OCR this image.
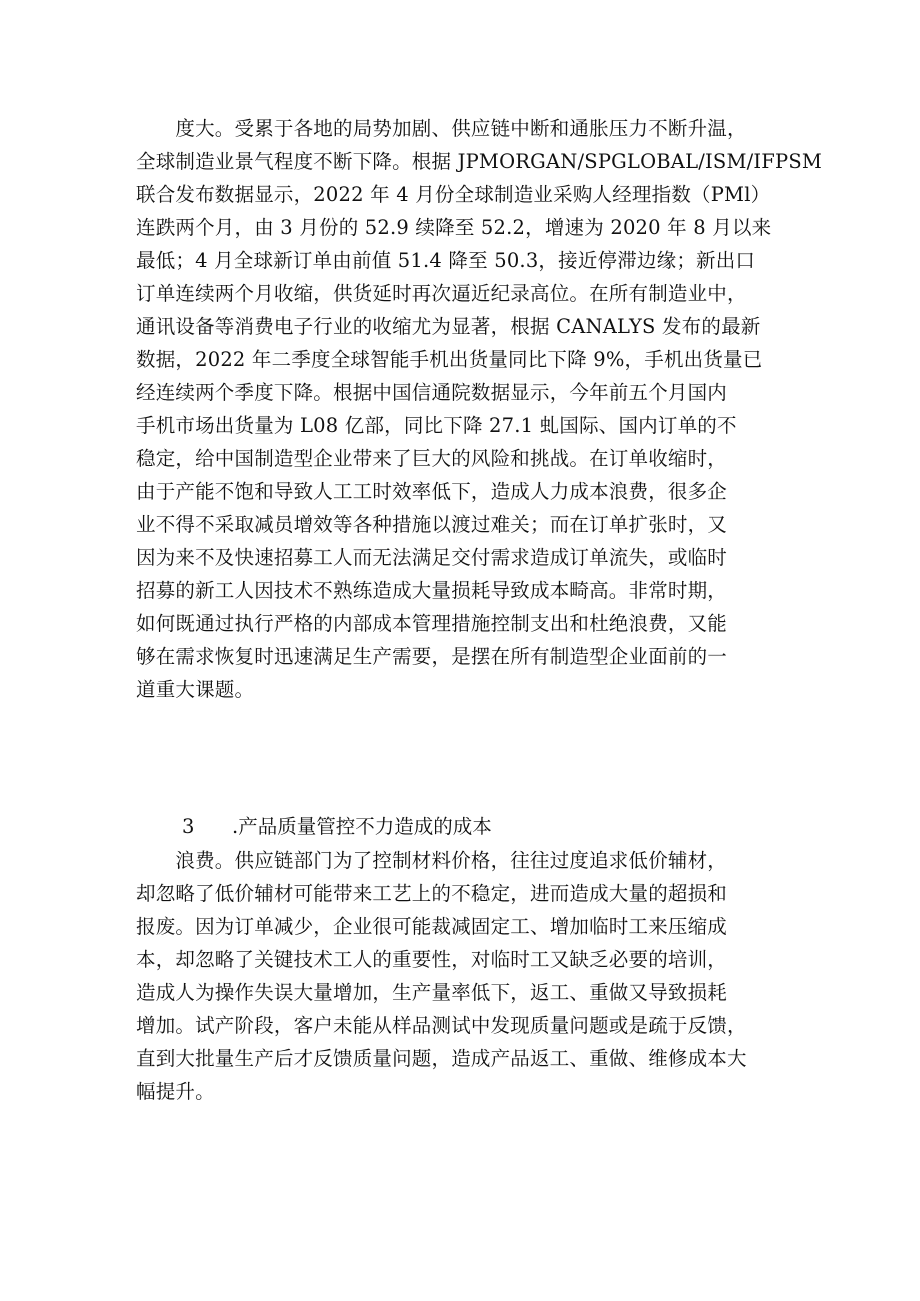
　　度大。受累于各地的局势加剧、供应链中断和通胀压力不断升温，
全球制造业景气程度不断下降。根据 JPMORGAN/SPGLOBAL/ISM/IFPSM
联合发布数据显示，2022 年 4 月份全球制造业采购人经理指数（PMl）
连跌两个月，由 3 月份的 52.9 续降至 52.2，增速为 2020 年 8 月以来
最低；4 月全球新订单由前值 51.4 降至 50.3，接近停滞边缘；新出口
订单连续两个月收缩，供货延时再次逼近纪录高位。在所有制造业中，
通讯设备等消费电子行业的收缩尤为显著，根据 CANALYS 发布的最新
数据，2022 年二季度全球智能手机出货量同比下降 9%，手机出货量已
经连续两个季度下降。根据中国信通院数据显示，今年前五个月国内
手机市场出货量为 L08 亿部，同比下降 27.1 虬国际、国内订单的不
稳定，给中国制造型企业带来了巨大的风险和挑战。在订单收缩时，
由于产能不饱和导致人工工时效率低下，造成人力成本浪费，很多企
业不得不采取减员增效等各种措施以渡过难关；而在订单扩张时，又
因为来不及快速招募工人而无法满足交付需求造成订单流失，或临时
招募的新工人因技术不熟练造成大量损耗导致成本畸高。非常时期，
如何既通过执行严格的内部成本管理措施控制支出和杜绝浪费，又能
够在需求恢复时迅速满足生产需要，是摆在所有制造型企业面前的一
道重大课题。
3 .产品质量管控不力造成的成本
　　浪费。供应链部门为了控制材料价格，往往过度追求低价辅材，
却忽略了低价辅材可能带来工艺上的不稳定，进而造成大量的超损和
报废。因为订单减少，企业很可能裁减固定工、增加临时工来压缩成
本，却忽略了关键技术工人的重要性，对临时工又缺乏必要的培训，
造成人为操作失误大量增加，生产量率低下，返工、重做又导致损耗
增加。试产阶段，客户未能从样品测试中发现质量问题或是疏于反馈，
直到大批量生产后才反馈质量问题，造成产品返工、重做、维修成本大
幅提升。
